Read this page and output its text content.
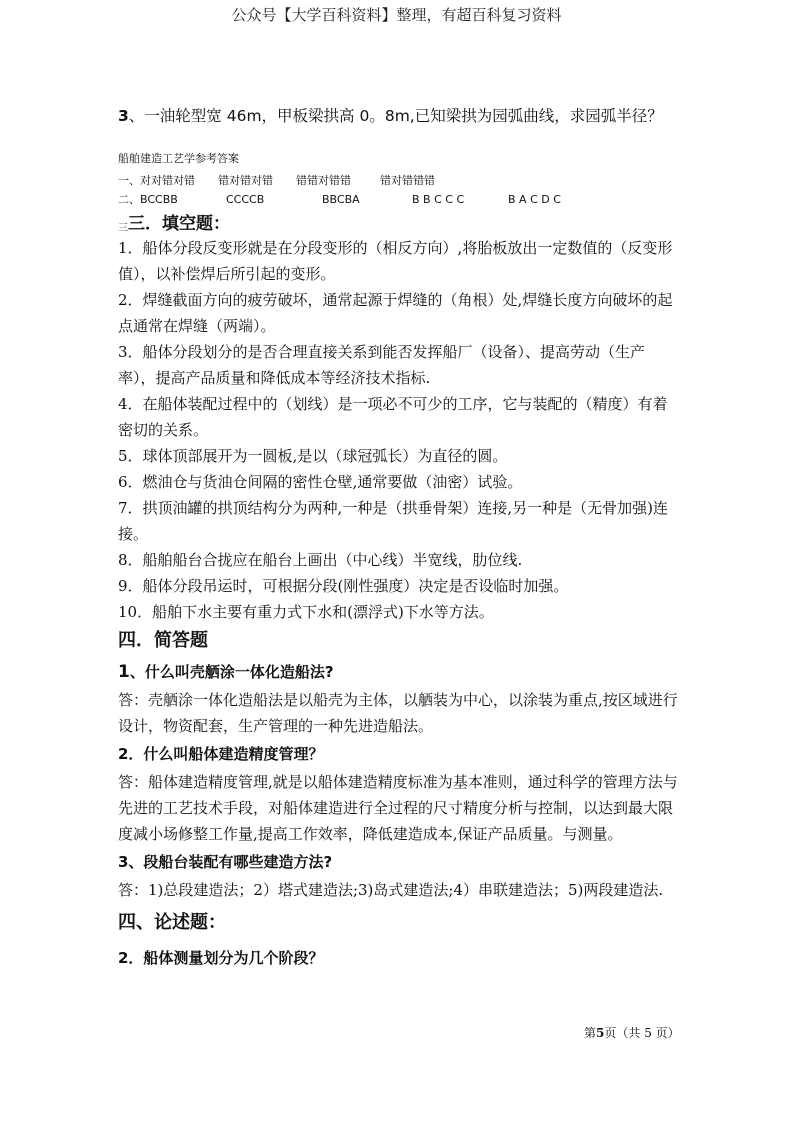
公众号【大学百科资料】整理，有超百科复习资料
3、一油轮型宽 46m，甲板梁拱高 0。8m,已知梁拱为园弧曲线，求园弧半径？
船舶建造工艺学参考答案
一、对对错对错 错对错对错 错错对错错	错对错错错
二、BCCBB	CCCCB	BBCBA	B B C C C	B A C D C
三三．填空题：

1．船体分段反变形就是在分段变形的（相反方向）,将胎板放出一定数值的（反变形值），以补偿焊后所引起的变形。

2．焊缝截面方向的疲劳破坏，通常起源于焊缝的（角根）处,焊缝长度方向破坏的起点通常在焊缝（两端）。

3．船体分段划分的是否合理直接关系到能否发挥船厂（设备）、提高劳动（生产率），提高产品质量和降低成本等经济技术指标.

4．在船体装配过程中的（划线）是一项必不可少的工序，它与装配的（精度）有着密切的关系。

5．球体顶部展开为一圆板,是以（球冠弧长）为直径的圆。

6．燃油仓与货油仓间隔的密性仓壁,通常要做（油密）试验。

7．拱顶油罐的拱顶结构分为两种,一种是（拱垂骨架）连接,另一种是（无骨加强)连接。

8．船舶船台合拢应在船台上画出（中心线）半宽线，肋位线.

9．船体分段吊运时，可根据分段(刚性强度）决定是否设临时加强。

10．船舶下水主要有重力式下水和(漂浮式)下水等方法。

四．简答题

1、什么叫壳舾涂一体化造船法?

答：壳舾涂一体化造船法是以船壳为主体，以舾装为中心，以涂装为重点,按区域进行设计，物资配套，生产管理的一种先进造船法。

2．什么叫船体建造精度管理？

答：船体建造精度管理,就是以船体建造精度标准为基本准则，通过科学的管理方法与先进的工艺技术手段，对船体建造进行全过程的尺寸精度分析与控制，以达到最大限度减小场修整工作量,提高工作效率，降低建造成本,保证产品质量。与测量。

3、段船台装配有哪些建造方法?

答：1)总段建造法；2）塔式建造法;3)岛式建造法;4）串联建造法；5)两段建造法.

四、论述题：

2．船体测量划分为几个阶段？

第5页（共 5 页）
